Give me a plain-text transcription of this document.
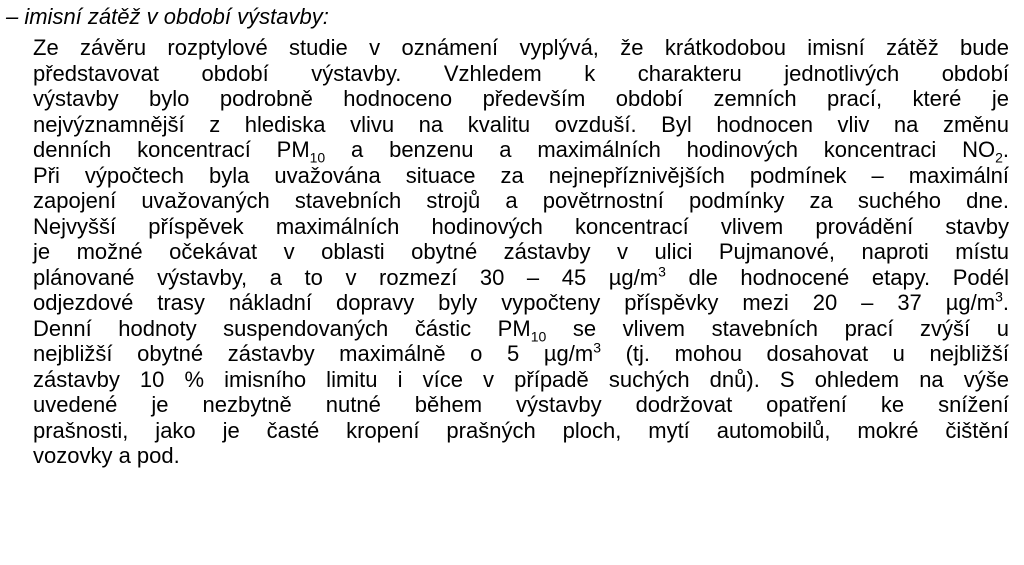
– imisní zátěž v období výstavby:
Ze závěru rozptylové studie v oznámení vyplývá, že krátkodobou imisní zátěž bude
představovat období výstavby. Vzhledem k charakteru jednotlivých období
výstavby bylo podrobně hodnoceno především období zemních prací, které je
nejvýznamnější z hlediska vlivu na kvalitu ovzduší. Byl hodnocen vliv na změnu
denních koncentrací $PM_{10}$ a benzenu a maximálních hodinových koncentraci $NO_2$.
Při výpočtech byla uvažována situace za nejnepříznivějších podmínek – maximální
zapojení uvažovaných stavebních strojů a povětrnostní podmínky za suchého dne.
Nejvyšší příspěvek maximálních hodinových koncentrací vlivem provádění stavby
je možné očekávat v oblasti obytné zástavby v ulici Pujmanové, naproti místu
plánované výstavby, a to v rozmezí 30 – 45 $\mu g/m^3$ dle hodnocené etapy. Podél
odjezdové trasy nákladní dopravy byly vypočteny příspěvky mezi 20 – 37 $\mu g/m^3$.
Denní hodnoty suspendovaných částic $PM_{10}$ se vlivem stavebních prací zvýší u
nejbližší obytné zástavby maximálně o 5 $\mu g/m^3$ (tj. mohou dosahovat u nejbližší
zástavby 10 % imisního limitu i více v případě suchých dnů). S ohledem na výše
uvedené je nezbytně nutné během výstavby dodržovat opatření ke snížení
prašnosti, jako je časté kropení prašných ploch, mytí automobilů, mokré čištění
vozovky a pod.
